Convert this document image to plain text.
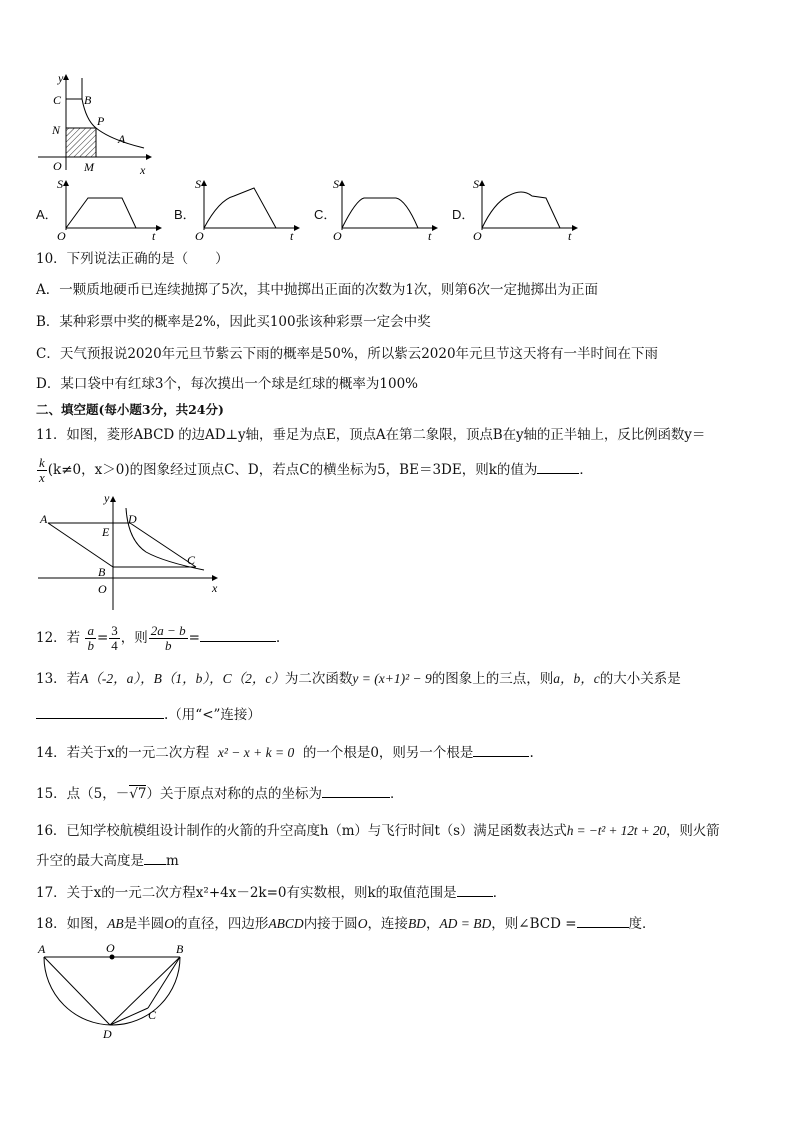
y
x
C B
N
P
A
O M
A．
S
O	t
B．
S
O	t
C．
S
O	t
D．
S
O	t
10．下列说法正确的是（　　）
A．一颗质地硬币已连续抛掷了5次，其中抛掷出正面的次数为1次，则第6次一定抛掷出为正面
B．某种彩票中奖的概率是2%，因此买100张该种彩票一定会中奖
C．天气预报说2020年元旦节紫云下雨的概率是50%，所以紫云2020年元旦节这天将有一半时间在下雨
D．某口袋中有红球3个，每次摸出一个球是红球的概率为100%
二、填空题(每小题3分，共24分)
11．如图，菱形ABCD 的边AD⊥y轴，垂足为点E，顶点A在第二象限，顶点B在y轴的正半轴上，反比例函数y＝
$\frac{k}{x} (k\ne 0$，x＞0)的图象经过顶点C、D，若点C的横坐标为5，BE＝3DE，则k的值为	．
A	D
E
B
C
O
y
x
12．若 $\frac{a}{b} = \frac{3}{4}$ ，则 $\frac{2a - b}{b}$ =	.
13．若A（-2，a），B（1，b），C（2，c）为二次函数y = (x+1)² − 9的图象上的三点，则a，b，c的大小关系是
.（用“<”连接）
14．若关于x的一元二次方程 x² − x + k = 0 的一个根是0，则另一个根是	.
15．点（5，－√7）关于原点对称的点的坐标为	．
16．已知学校航模组设计制作的火箭的升空高度h（m）与飞行时间t（s）满足函数表达式h = −t² + 12t + 20，则火箭
升空的最大高度是 m
17．关于x的一元二次方程x²+4x－2k=0有实数根，则k的取值范围是	．
18．如图，AB是半圆O的直径，四边形ABCD内接于圆O，连接BD，AD = BD，则∠BCD =	度．
A	O	B
C
D
